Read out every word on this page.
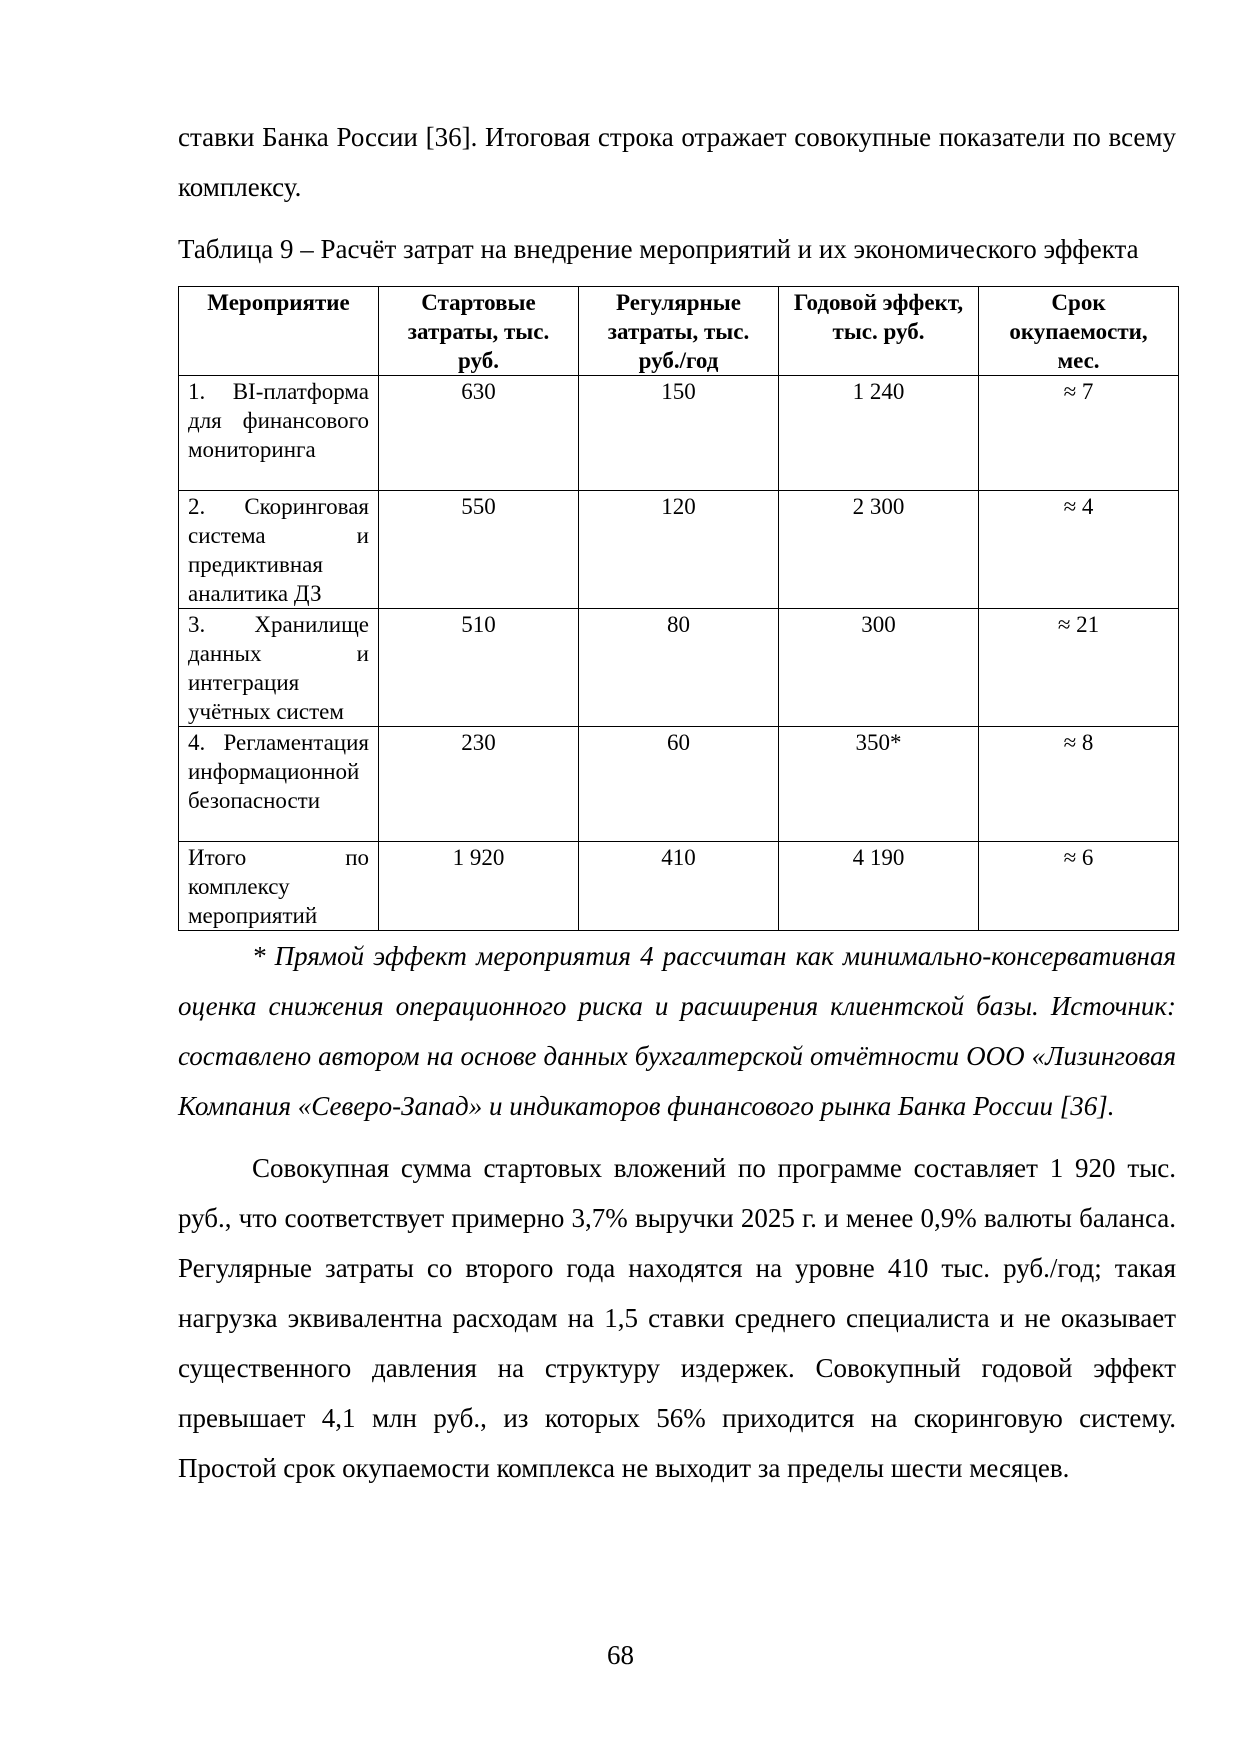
ставки Банка России [36]. Итоговая строка отражает совокупные показатели по всему комплексу.

Таблица 9 – Расчёт затрат на внедрение мероприятий и их экономического эффекта

Мероприятие	Стартовые затраты, тыс. руб.	Регулярные затраты, тыс. руб./год	Годовой эффект, тыс. руб.	Срок окупаемости, мес.
1. BI-платформа для финансового мониторинга	630	150	1 240	≈ 7
2. Скоринговая система и предиктивная аналитика ДЗ	550	120	2 300	≈ 4
3. Хранилище данных и интеграция учётных систем	510	80	300	≈ 21
4. Регламентация информационной безопасности	230	60	350*	≈ 8
Итого по комплексу мероприятий	1 920	410	4 190	≈ 6

* Прямой эффект мероприятия 4 рассчитан как минимально-консервативная оценка снижения операционного риска и расширения клиентской базы. Источник: составлено автором на основе данных бухгалтерской отчётности ООО «Лизинговая Компания «Северо-Запад» и индикаторов финансового рынка Банка России [36].

Совокупная сумма стартовых вложений по программе составляет 1 920 тыс. руб., что соответствует примерно 3,7% выручки 2025 г. и менее 0,9% валюты баланса. Регулярные затраты со второго года находятся на уровне 410 тыс. руб./год; такая нагрузка эквивалентна расходам на 1,5 ставки среднего специалиста и не оказывает существенного давления на структуру издержек. Совокупный годовой эффект превышает 4,1 млн руб., из которых 56% приходится на скоринговую систему. Простой срок окупаемости комплекса не выходит за пределы шести месяцев.

68
